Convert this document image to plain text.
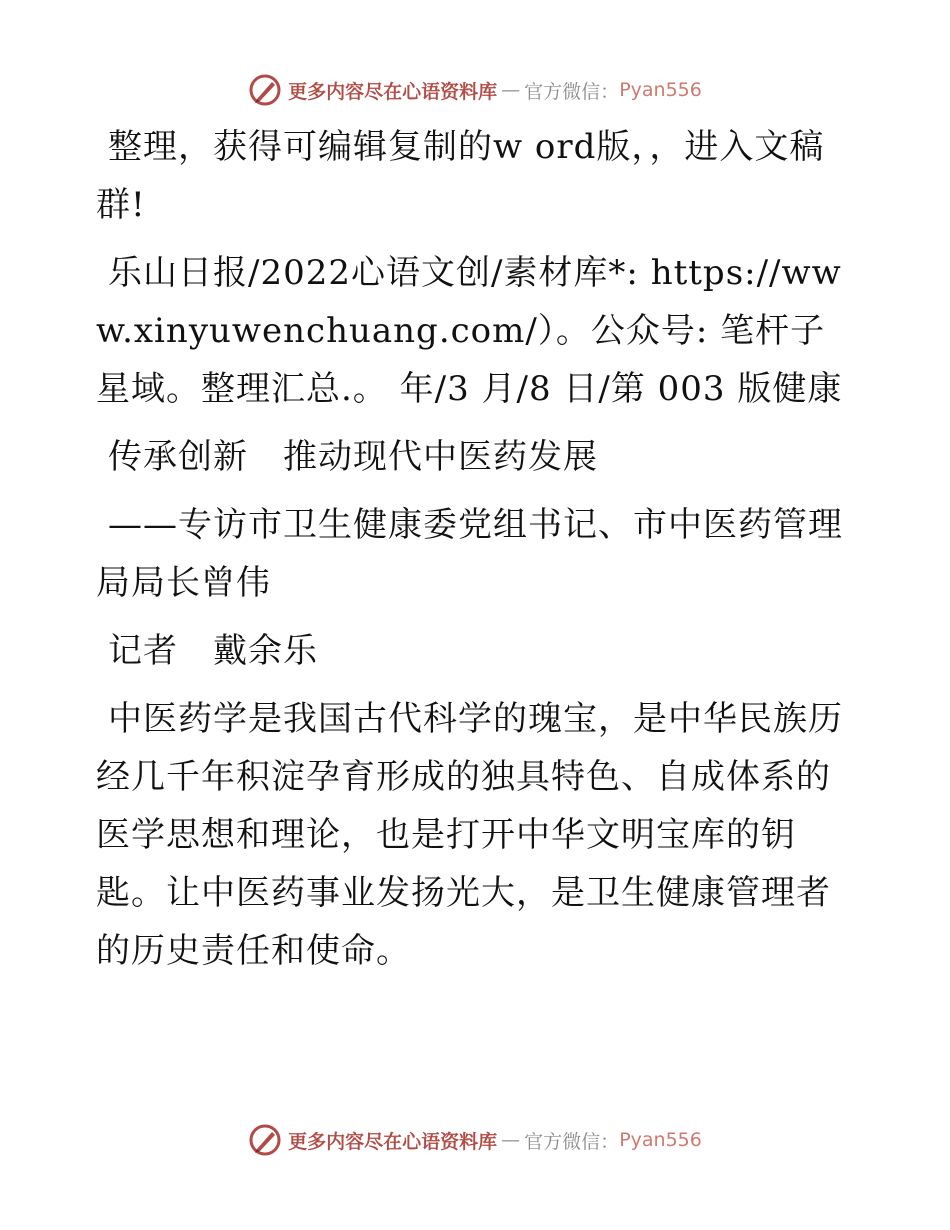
更多内容尽在心语资料库 — 官方微信： Pyan556

整理，获得可编辑复制的w ord版，，进入文稿群!

乐山日报/2022心语文创/素材库*: https://www.xinyuwenchuang.com/）。公众号: 笔杆子星域。整理汇总.。 年/3 月/8 日/第 003 版健康

传承创新　推动现代中医药发展

——专访市卫生健康委党组书记、市中医药管理局局长曾伟

记者　戴余乐

中医药学是我国古代科学的瑰宝，是中华民族历经几千年积淀孕育形成的独具特色、自成体系的医学思想和理论，也是打开中华文明宝库的钥匙。让中医药事业发扬光大，是卫生健康管理者的历史责任和使命。

更多内容尽在心语资料库 — 官方微信： Pyan556
